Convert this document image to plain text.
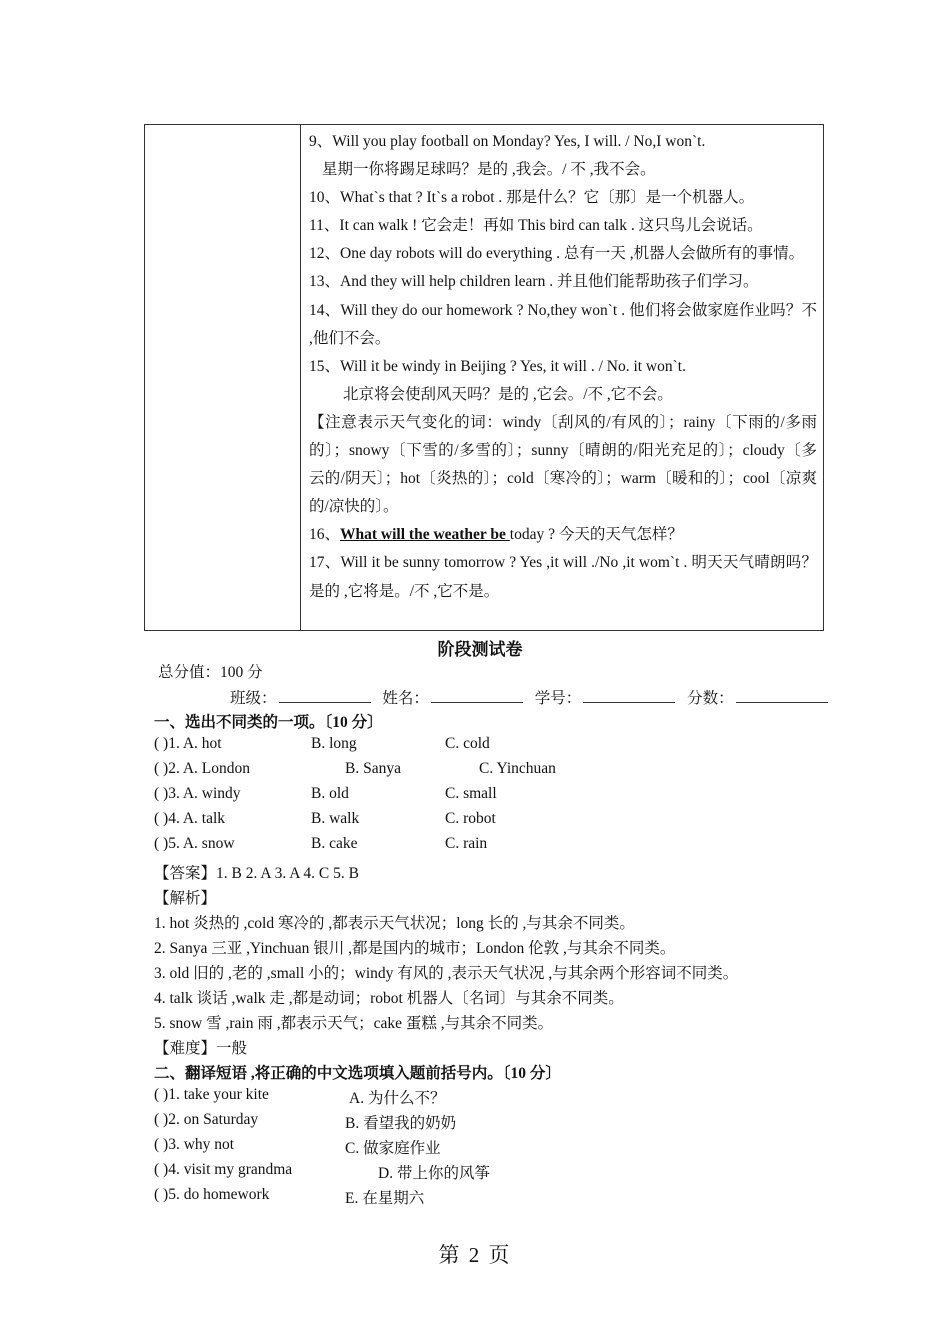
9、Will you play football on Monday? Yes, I will. / No,I won`t.

星期一你将踢足球吗？是的 ,我会。/ 不 ,我不会。

10、What`s that ? It`s a robot . 那是什么？它〔那〕是一个机器人。

11、It can walk ! 它会走！再如 This bird can talk . 这只鸟儿会说话。

12、One day robots will do everything . 总有一天 ,机器人会做所有的事情。

13、And they will help children learn . 并且他们能帮助孩子们学习。

14、Will they do our homework ? No,they won`t . 他们将会做家庭作业吗？不 ,他们不会。

15、Will it be windy in Beijing ? Yes, it will . / No. it won`t.

北京将会使刮风天吗？是的 ,它会。/不 ,它不会。

【注意表示天气变化的词：windy〔刮风的/有风的〕；rainy〔下雨的/多雨的〕；snowy〔下雪的/多雪的〕；sunny〔晴朗的/阳光充足的〕；cloudy〔多云的/阴天〕；hot〔炎热的〕；cold〔寒冷的〕；warm〔暖和的〕；cool〔凉爽的/凉快的〕。

16、What will the weather be today ? 今天的天气怎样？

17、Will it be sunny tomorrow ? Yes ,it will ./No ,it wom`t . 明天天气晴朗吗？是的 ,它将是。/不 ,它不是。

阶段测试卷
总分值：100 分
班级：	姓名：	学号：	分数：
一、选出不同类的一项。〔10 分〕
( )1. A. hot	B. long	C. cold
( )2. A. London	B. Sanya	C. Yinchuan
( )3. A. windy	B. old	C. small
( )4. A. talk	B. walk	C. robot
( )5. A. snow	B. cake	C. rain
【答案】1. B 2. A 3. A 4. C 5. B
【解析】
1. hot 炎热的 ,cold 寒冷的 ,都表示天气状况；long 长的 ,与其余不同类。
2. Sanya 三亚 ,Yinchuan 银川 ,都是国内的城市；London 伦敦 ,与其余不同类。
3. old 旧的 ,老的 ,small 小的；windy 有风的 ,表示天气状况 ,与其余两个形容词不同类。
4. talk 谈话 ,walk 走 ,都是动词；robot 机器人〔名词〕与其余不同类。
5. snow 雪 ,rain 雨 ,都表示天气；cake 蛋糕 ,与其余不同类。
【难度】一般
二、翻译短语 ,将正确的中文选项填入题前括号内。〔10 分〕
( )1. take your kite	A. 为什么不？
( )2. on Saturday	B. 看望我的奶奶
( )3. why not	C. 做家庭作业
( )4. visit my grandma	D. 带上你的风筝
( )5. do homework	E. 在星期六
第 2 页
